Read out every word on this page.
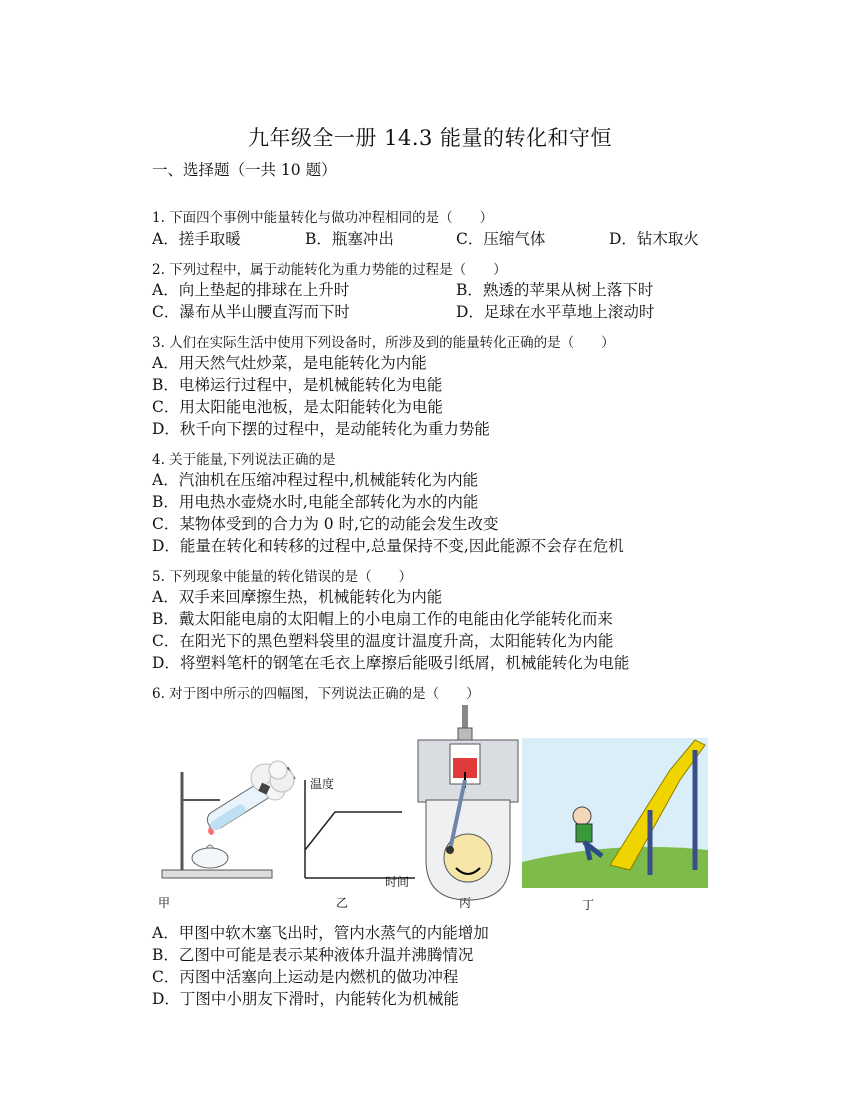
九年级全一册 14.3 能量的转化和守恒
一、选择题（一共 10 题）
1. 下面四个事例中能量转化与做功冲程相同的是（　　）
A．搓手取暖	B．瓶塞冲出	C．压缩气体	D．钻木取火
2. 下列过程中，属于动能转化为重力势能的过程是（　　）
A．向上垫起的排球在上升时	B．熟透的苹果从树上落下时
C．瀑布从半山腰直泻而下时	D．足球在水平草地上滚动时
3. 人们在实际生活中使用下列设备时，所涉及到的能量转化正确的是（　　）
A．用天然气灶炒菜，是电能转化为内能
B．电梯运行过程中，是机械能转化为电能
C．用太阳能电池板，是太阳能转化为电能
D．秋千向下摆的过程中，是动能转化为重力势能
4. 关于能量,下列说法正确的是
A．汽油机在压缩冲程过程中,机械能转化为内能
B．用电热水壶烧水时,电能全部转化为水的内能
C．某物体受到的合力为 0 时,它的动能会发生改变
D．能量在转化和转移的过程中,总量保持不变,因此能源不会存在危机
5. 下列现象中能量的转化错误的是（　　）
A．双手来回摩擦生热，机械能转化为内能
B．戴太阳能电扇的太阳帽上的小电扇工作的电能由化学能转化而来
C．在阳光下的黑色塑料袋里的温度计温度升高，太阳能转化为内能
D．将塑料笔杆的钢笔在毛衣上摩擦后能吸引纸屑，机械能转化为电能
6. 对于图中所示的四幅图，下列说法正确的是（　　）
甲	乙	丙	丁
温度
时间
A．甲图中软木塞飞出时，管内水蒸气的内能增加
B．乙图中可能是表示某种液体升温并沸腾情况
C．丙图中活塞向上运动是内燃机的做功冲程
D．丁图中小朋友下滑时，内能转化为机械能
